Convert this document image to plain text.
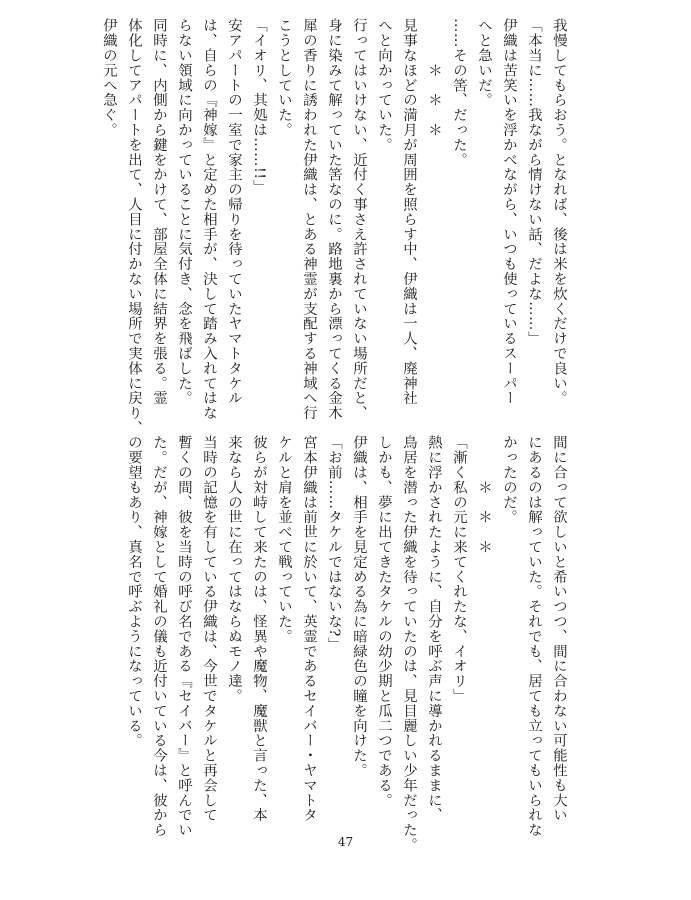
我慢してもらおう。となれば、後は米を炊くだけで良い。
「本当に……我ながら情けない話、だよな……」
伊織は苦笑いを浮かべながら、いつも使っているスーパー
へと急いだ。
……その筈、だった。
　　　＊　＊　＊
見事なほどの満月が周囲を照らす中、伊織は一人、廃神社
へと向かっていた。
行ってはいけない、近付く事さえ許されていない場所だと、
身に染みて解っていた筈なのに。路地裏から漂ってくる金木
犀の香りに誘われた伊織は、とある神霊が支配する神域へ行
こうとしていた。
「イオリ、其処は……!!」
安アパートの一室で家主の帰りを待っていたヤマトタケル
は、自らの『神嫁』と定めた相手が、決して踏み入れてはな
らない領域に向かっていることに気付き、念を飛ばした。
同時に、内側から鍵をかけて、部屋全体に結界を張る。霊
体化してアパートを出て、人目に付かない場所で実体に戻り、
伊織の元へ急ぐ。
間に合って欲しいと希いつつ、間に合わない可能性も大い
にあるのは解っていた。それでも、居ても立ってもいられな
かったのだ。
　　　＊　＊　＊
「漸く私の元に来てくれたな、イオリ」
熱に浮かされたように、自分を呼ぶ声に導かれるままに、
鳥居を潜った伊織を待っていたのは、見目麗しい少年だった。
しかも、夢に出てきたタケルの幼少期と瓜二つである。
伊織は、相手を見定める為に暗緑色の瞳を向けた。
「お前……タケルではないな?」
宮本伊織は前世に於いて、英霊であるセイバー・ヤマトタ
ケルと肩を並べて戦っていた。
彼らが対峙して来たのは、怪異や魔物、魔獣と言った、本
来なら人の世に在ってはならぬモノ達。
当時の記憶を有している伊織は、今世でタケルと再会して
暫くの間、彼を当時の呼び名である『セイバー』と呼んでい
た。だが、神嫁として婚礼の儀も近付いている今は、彼から
の要望もあり、真名で呼ぶようになっている。
47
